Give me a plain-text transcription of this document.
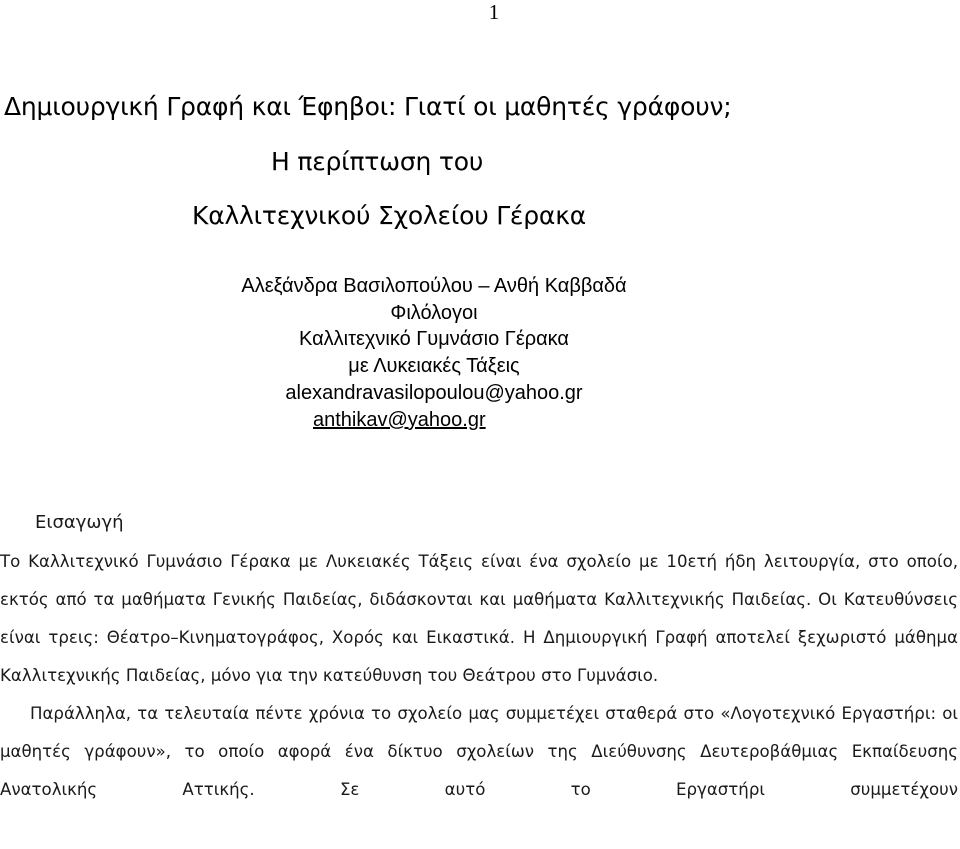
1
Δημιουργική Γραφή και Έφηβοι: Γιατί οι μαθητές γράφουν;
Η περίπτωση του
Καλλιτεχνικού Σχολείου Γέρακα
Αλεξάνδρα Βασιλοπούλου – Ανθή Καββαδά
Φιλόλογοι
Καλλιτεχνικό Γυμνάσιο Γέρακα
με Λυκειακές Τάξεις
alexandravasilopoulou@yahoo.gr
anthikav@yahoo.gr
Εισαγωγή

Το Καλλιτεχνικό Γυμνάσιο Γέρακα με Λυκειακές Τάξεις είναι ένα σχολείο με 10ετή ήδη λειτουργία, στο οποίο, εκτός από τα μαθήματα Γενικής Παιδείας, διδάσκονται και μαθήματα Καλλιτεχνικής Παιδείας. Οι Κατευθύνσεις είναι τρεις: Θέατρο–Κινηματογράφος, Χορός και Εικαστικά. Η Δημιουργική Γραφή αποτελεί ξεχωριστό μάθημα Καλλιτεχνικής Παιδείας, μόνο για την κατεύθυνση του Θεάτρου στο Γυμνάσιο.

Παράλληλα, τα τελευταία πέντε χρόνια το σχολείο μας συμμετέχει σταθερά στο «Λογοτεχνικό Εργαστήρι: οι μαθητές γράφουν», το οποίο αφορά ένα δίκτυο σχολείων της Διεύθυνσης Δευτεροβάθμιας Εκπαίδευσης Ανατολικής Αττικής. Σε αυτό το Εργαστήρι συμμετέχουν
